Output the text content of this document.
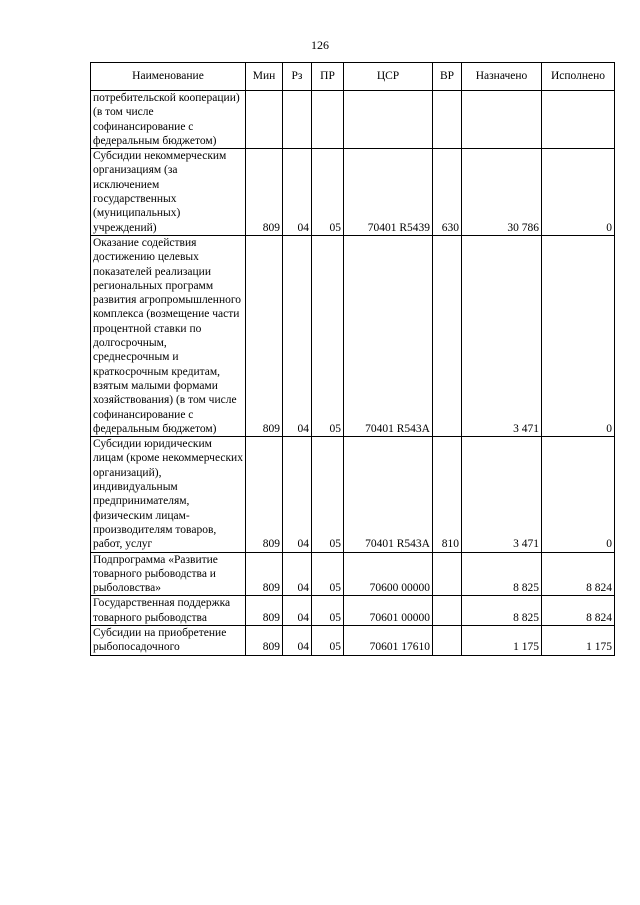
126
Наименование	Мин	Рз	ПР	ЦСР	ВР	Назначено	Исполнено
потребительской кооперации) (в том числе софинансирование с федеральным бюджетом)							
Субсидии некоммерческим организациям (за исключением государственных (муниципальных) учреждений)	809	04	05	70401 R5439	630	30 786	0
Оказание содействия достижению целевых показателей реализации региональных программ развития агропромышленного комплекса (возмещение части процентной ставки по долгосрочным, среднесрочным и краткосрочным кредитам, взятым малыми формами хозяйствования) (в том числе софинансирование с федеральным бюджетом)	809	04	05	70401 R543A		3 471	0
Субсидии юридическим лицам (кроме некоммерческих организаций), индивидуальным предпринимателям, физическим лицам-производителям товаров, работ, услуг	809	04	05	70401 R543A	810	3 471	0
Подпрограмма «Развитие товарного рыбоводства и рыболовства»	809	04	05	70600 00000		8 825	8 824
Государственная поддержка товарного рыбоводства	809	04	05	70601 00000		8 825	8 824
Субсидии на приобретение рыбопосадочного	809	04	05	70601 17610		1 175	1 175
